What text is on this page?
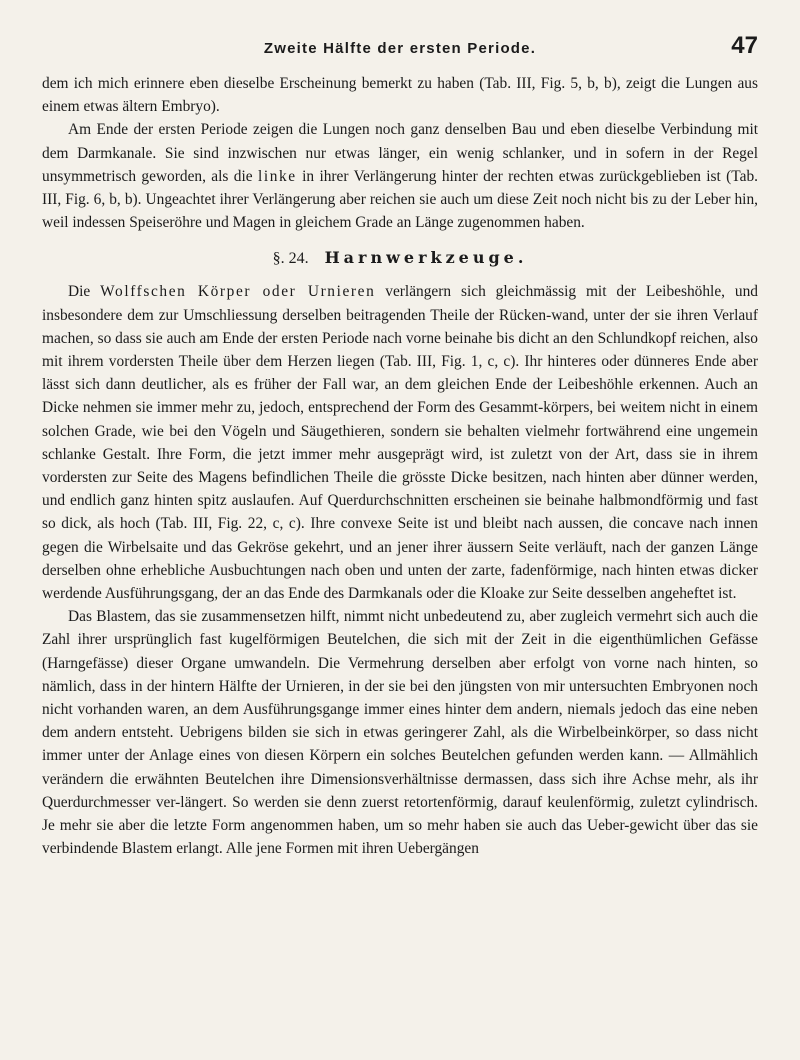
Zweite Hälfte der ersten Periode.	47

dem ich mich erinnere eben dieselbe Erscheinung bemerkt zu haben (Tab. III, Fig. 5, b, b), zeigt die Lungen aus einem etwas ältern Embryo).

Am Ende der ersten Periode zeigen die Lungen noch ganz denselben Bau und eben dieselbe Verbindung mit dem Darmkanale. Sie sind inzwischen nur etwas länger, ein wenig schlanker, und in sofern in der Regel unsymmetrisch geworden, als die linke in ihrer Verlängerung hinter der rechten etwas zurückgeblieben ist (Tab. III, Fig. 6, b, b). Ungeachtet ihrer Verlängerung aber reichen sie auch um diese Zeit noch nicht bis zu der Leber hin, weil indessen Speiseröhre und Magen in gleichem Grade an Länge zugenommen haben.

§. 24. Harnwerkzeuge.

Die Wolffschen Körper oder Urnieren verlängern sich gleichmässig mit der Leibeshöhle, und insbesondere dem zur Umschliessung derselben beitragenden Theile der Rücken-wand, unter der sie ihren Verlauf machen, so dass sie auch am Ende der ersten Periode nach vorne beinahe bis dicht an den Schlundkopf reichen, also mit ihrem vordersten Theile über dem Herzen liegen (Tab. III, Fig. 1, c, c). Ihr hinteres oder dünneres Ende aber lässt sich dann deutlicher, als es früher der Fall war, an dem gleichen Ende der Leibeshöhle erkennen. Auch an Dicke nehmen sie immer mehr zu, jedoch, entsprechend der Form des Gesammt-körpers, bei weitem nicht in einem solchen Grade, wie bei den Vögeln und Säugethieren, sondern sie behalten vielmehr fortwährend eine ungemein schlanke Gestalt. Ihre Form, die jetzt immer mehr ausgeprägt wird, ist zuletzt von der Art, dass sie in ihrem vordersten zur Seite des Magens befindlichen Theile die grösste Dicke besitzen, nach hinten aber dünner werden, und endlich ganz hinten spitz auslaufen. Auf Querdurchschnitten erscheinen sie beinahe halbmondförmig und fast so dick, als hoch (Tab. III, Fig. 22, c, c). Ihre convexe Seite ist und bleibt nach aussen, die concave nach innen gegen die Wirbelsaite und das Gekröse gekehrt, und an jener ihrer äussern Seite verläuft, nach der ganzen Länge derselben ohne erhebliche Ausbuchtungen nach oben und unten der zarte, fadenförmige, nach hinten etwas dicker werdende Ausführungsgang, der an das Ende des Darmkanals oder die Kloake zur Seite desselben angeheftet ist.

Das Blastem, das sie zusammensetzen hilft, nimmt nicht unbedeutend zu, aber zugleich vermehrt sich auch die Zahl ihrer ursprünglich fast kugelförmigen Beutelchen, die sich mit der Zeit in die eigenthümlichen Gefässe (Harngefässe) dieser Organe umwandeln. Die Vermehrung derselben aber erfolgt von vorne nach hinten, so nämlich, dass in der hintern Hälfte der Urnieren, in der sie bei den jüngsten von mir untersuchten Embryonen noch nicht vorhanden waren, an dem Ausführungsgange immer eines hinter dem andern, niemals jedoch das eine neben dem andern entsteht. Uebrigens bilden sie sich in etwas geringerer Zahl, als die Wirbelbeinkörper, so dass nicht immer unter der Anlage eines von diesen Körpern ein solches Beutelchen gefunden werden kann. — Allmählich verändern die erwähnten Beutelchen ihre Dimensionsverhältnisse dermassen, dass sich ihre Achse mehr, als ihr Querdurchmesser ver-längert. So werden sie denn zuerst retortenförmig, darauf keulenförmig, zuletzt cylindrisch. Je mehr sie aber die letzte Form angenommen haben, um so mehr haben sie auch das Ueber-gewicht über das sie verbindende Blastem erlangt. Alle jene Formen mit ihren Uebergängen
